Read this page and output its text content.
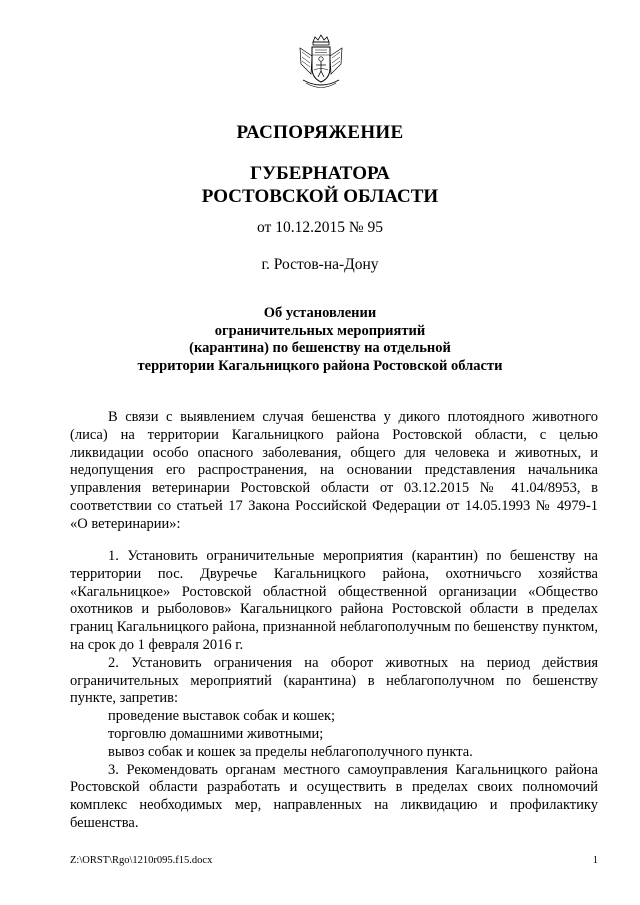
РАСПОРЯЖЕНИЕ
ГУБЕРНАТОРА
РОСТОВСКОЙ ОБЛАСТИ
от 10.12.2015 № 95
г. Ростов-на-Дону
Об установлении
ограничительных мероприятий
(карантина) по бешенству на отдельной
территории Кагальницкого района Ростовской области

В связи с выявлением случая бешенства у дикого плотоядного животного (лиса) на территории Кагальницкого района Ростовской области, с целью ликвидации особо опасного заболевания, общего для человека и животных, и недопущения его распространения, на основании представления начальника управления ветеринарии Ростовской области от 03.12.2015 № 41.04/8953, в соответствии со статьей 17 Закона Российской Федерации от 14.05.1993 № 4979-1 «О ветеринарии»:

1. Установить ограничительные мероприятия (карантин) по бешенству на территории пос. Двуречье Кагальницкого района, охотничьсго хозяйства «Кагальницкое» Ростовской областной общественной организации «Общество охотников и рыболовов» Кагальницкого района Ростовской области в пределах границ Кагальницкого района, признанной неблагополучным по бешенству пунктом, на срок до 1 февраля 2016 г.

2. Установить ограничения на оборот животных на период действия ограничительных мероприятий (карантина) в неблагополучном по бешенству пункте, запретив:

проведение выставок собак и кошек;

торговлю домашними животными;

вывоз собак и кошек за пределы неблагополучного пункта.

3. Рекомендовать органам местного самоуправления Кагальницкого района Ростовской области разработать и осуществить в пределах своих полномочий комплекс необходимых мер, направленных на ликвидацию и профилактику бешенства.

Z:\ORST\Rgo\1210r095.f15.docx	1
